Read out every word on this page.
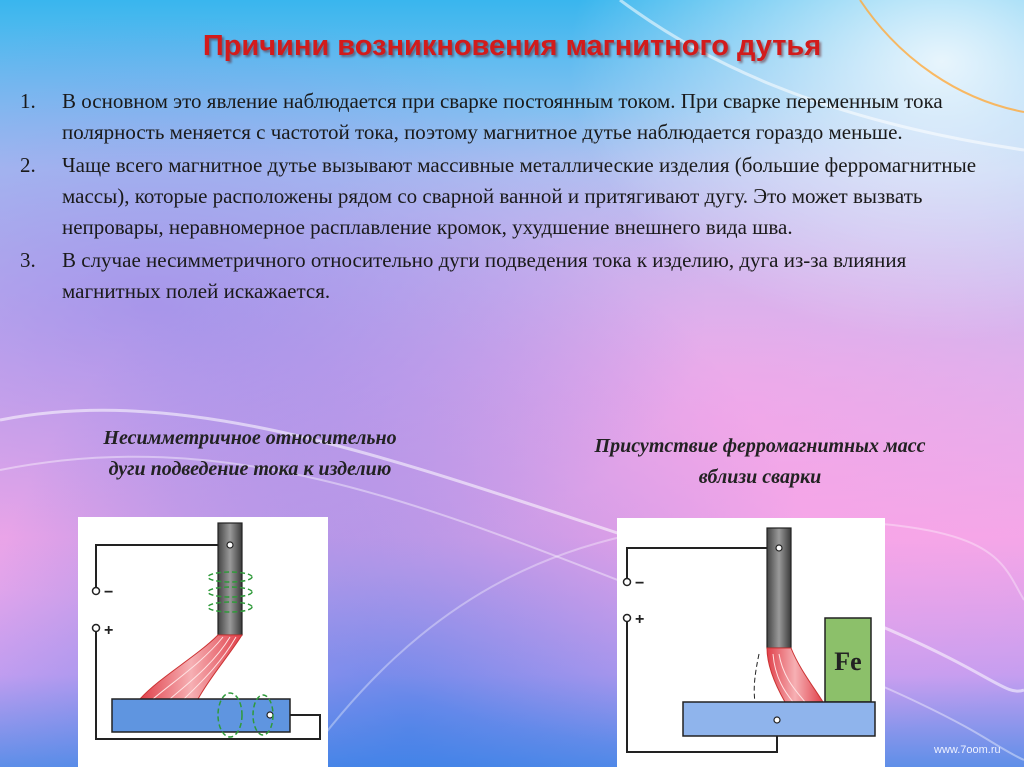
Причини возникновения магнитного дутья
1. В основном это явление наблюдается при сварке постоянным током. При сварке переменным тока полярность меняется с частотой тока, поэтому магнитное дутье наблюдается гораздо меньше.
2. Чаще всего магнитное дутье вызывают массивные металлические изделия (большие ферромагнитные массы), которые расположены рядом со сварной ванной и притягивают дугу. Это может вызвать непровары, неравномерное расплавление кромок, ухудшение внешнего вида шва.
3. В случае несимметричного относительно дуги подведения тока к изделию, дуга из-за влияния магнитных полей искажается.
Несимметричное относительно
дуги подведение тока к изделию
Присутствие ферромагнитных масс
вблизи сварки
−
+
−
+
Fe
www.7oom.ru
